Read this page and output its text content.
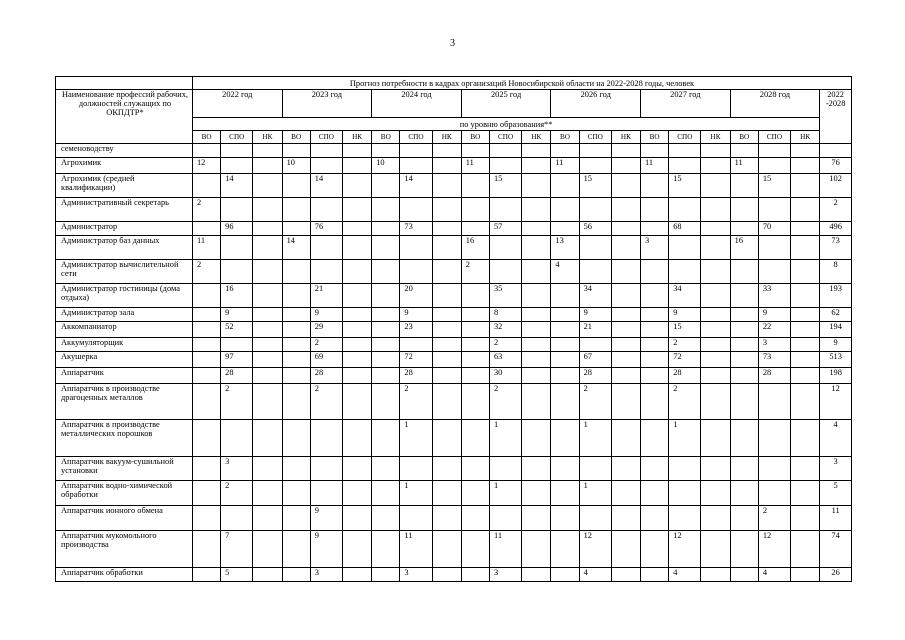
3
	Прогноз потребности в кадрах организаций Новосибирской области на 2022-2028 годы, человек																					
Наименование профессий рабочих, должностей служащих по ОКПДТР*	2022 год			2023 год			2024 год			2025 год			2026 год			2027 год			2028 год			2022 -2028
	по уровню образования**																					
	ВО	СПО	НК	ВО	СПО	НК	ВО	СПО	НК	ВО	СПО	НК	ВО	СПО	НК	ВО	СПО	НК	ВО	СПО	НК	
семеноводству																						
Агрохимик	12			10			10			11			11			11			11			76
Агрохимик (средней квалификации)		14			14			14			15			15			15			15		102
Административный секретарь	2																					2
Администратор		96			76			73			57			56			68			70		496
Администратор баз данных	11			14						16			13			3			16			73
Администратор вычислительной сети	2									2			4									8
Администратор гостиницы (дома отдыха)		16			21			20			35			34			34			33		193
Администратор зала		9			9			9			8			9			9			9		62
Аккомпаниатор		52			29			23			32			21			15			22		194
Аккумуляторщик					2						2						2			3		9
Акушерка		97			69			72			63			67			72			73		513
Аппаратчик		28			28			28			30			28			28			28		198
Аппаратчик в производстве драгоценных металлов		2			2			2			2			2			2					12
Аппаратчик в производстве металлических порошков								1			1			1			1					4
Аппаратчик вакуум-сушильной установки		3																				3
Аппаратчик водно-химической обработки		2						1			1			1								5
Аппаратчик ионного обмена					9															2		11
Аппаратчик мукомольного производства		7			9			11			11			12			12			12		74
Аппаратчик обработки		5			3			3			3			4			4			4		26
